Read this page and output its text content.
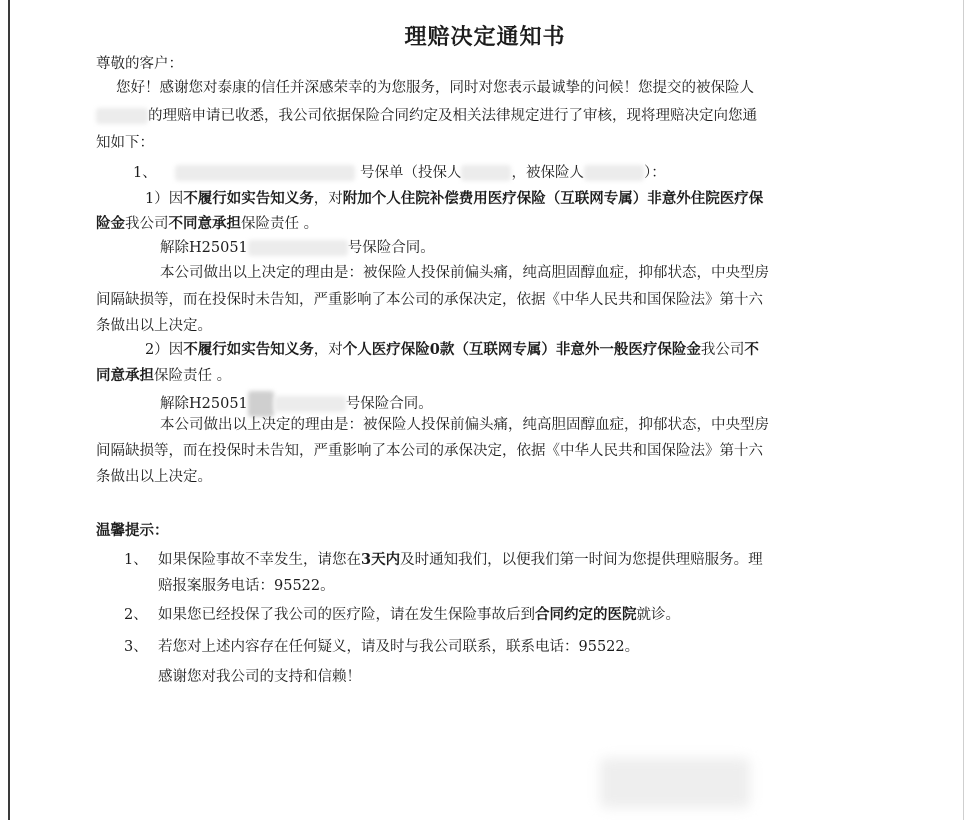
理赔决定通知书
尊敬的客户：
您好！感谢您对泰康的信任并深感荣幸的为您服务，同时对您表示最诚挚的问候！您提交的被保险人
的理赔申请已收悉，我公司依据保险合同约定及相关法律规定进行了审核，现将理赔决定向您通
知如下：
1、	号保单（投保人	，被保险人	）：
1）因不履行如实告知义务，对附加个人住院补偿费用医疗保险（互联网专属）非意外住院医疗保
险金我公司不同意承担保险责任 。
解除H25051	号保险合同。
本公司做出以上决定的理由是：被保险人投保前偏头痛，纯高胆固醇血症，抑郁状态，中央型房
间隔缺损等，而在投保时未告知，严重影响了本公司的承保决定，依据《中华人民共和国保险法》第十六
条做出以上决定。
2）因不履行如实告知义务，对个人医疗保险0款（互联网专属）非意外一般医疗保险金我公司不
同意承担保险责任 。
解除H25051	号保险合同。
本公司做出以上决定的理由是：被保险人投保前偏头痛，纯高胆固醇血症，抑郁状态，中央型房
间隔缺损等，而在投保时未告知，严重影响了本公司的承保决定，依据《中华人民共和国保险法》第十六
条做出以上决定。
温馨提示：
1、 如果保险事故不幸发生，请您在3天内及时通知我们，以便我们第一时间为您提供理赔服务。理
赔报案服务电话：95522。
2、 如果您已经投保了我公司的医疗险，请在发生保险事故后到合同约定的医院就诊。
3、 若您对上述内容存在任何疑义，请及时与我公司联系，联系电话：95522。
感谢您对我公司的支持和信赖！
